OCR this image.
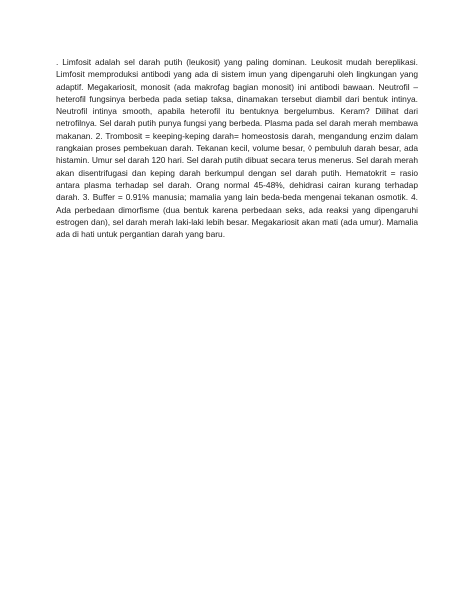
. Limfosit adalah sel darah putih (leukosit) yang paling dominan. Leukosit mudah bereplikasi. Limfosit memproduksi antibodi yang ada di sistem imun yang dipengaruhi oleh lingkungan yang adaptif. Megakariosit, monosit (ada makrofag bagian monosit) ini antibodi bawaan. Neutrofil – heterofil fungsinya berbeda pada setiap taksa, dinamakan tersebut diambil dari bentuk intinya. Neutrofil intinya smooth, apabila heterofil itu bentuknya bergelumbus. Keram? Dilihat dari netrofilnya. Sel darah putih punya fungsi yang berbeda. Plasma pada sel darah merah membawa makanan. 2. Trombosit = keeping-keping darah= homeostosis darah, mengandung enzim dalam rangkaian proses pembekuan darah. Tekanan kecil, volume besar, ◊ pembuluh darah besar, ada histamin. Umur sel darah 120 hari. Sel darah putih dibuat secara terus menerus. Sel darah merah akan disentrifugasi dan keping darah berkumpul dengan sel darah putih. Hematokrit = rasio antara plasma terhadap sel darah. Orang normal 45-48%, dehidrasi cairan kurang terhadap darah. 3. Buffer = 0.91% manusia; mamalia yang lain beda-beda mengenai tekanan osmotik. 4. Ada perbedaan dimorfisme (dua bentuk karena perbedaan seks, ada reaksi yang dipengaruhi estrogen dan), sel darah merah laki-laki lebih besar. Megakariosit akan mati (ada umur). Mamalia ada di hati untuk pergantian darah yang baru.
